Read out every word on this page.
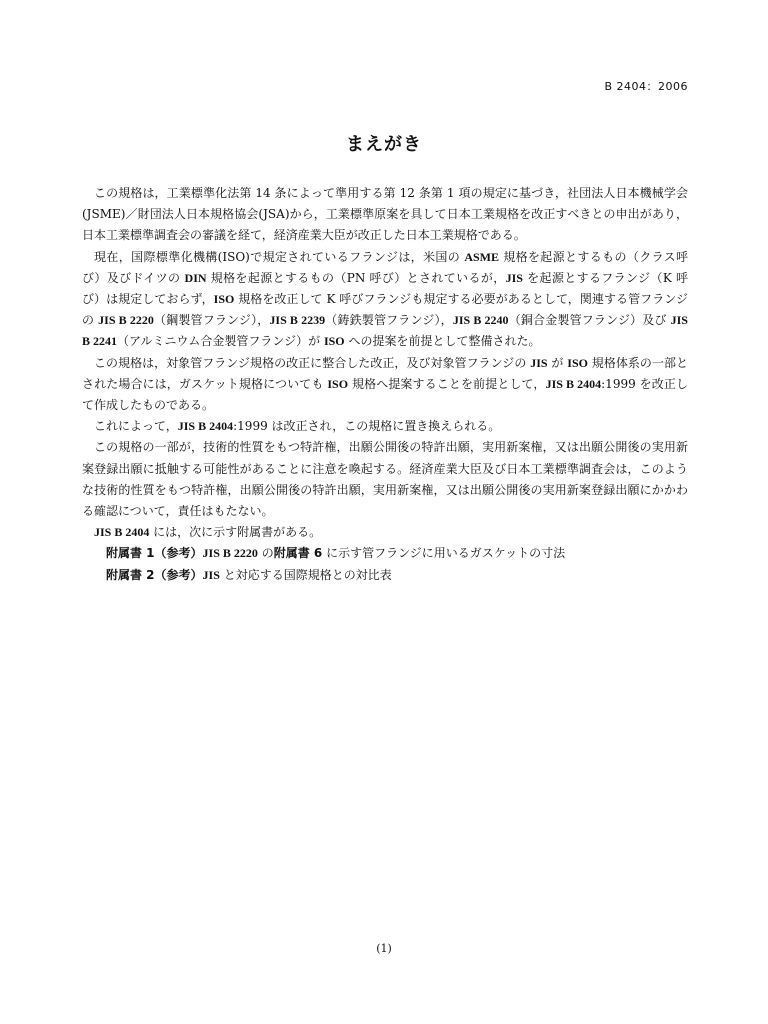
B 2404：2006
まえがき

この規格は，工業標準化法第 14 条によって準用する第 12 条第 1 項の規定に基づき，社団法人日本機械学会(JSME)／財団法人日本規格協会(JSA)から，工業標準原案を具して日本工業規格を改正すべきとの申出があり，日本工業標準調査会の審議を経て，経済産業大臣が改正した日本工業規格である。

現在，国際標準化機構(ISO)で規定されているフランジは，米国の ASME 規格を起源とするもの（クラス呼び）及びドイツの DIN 規格を起源とするもの（PN 呼び）とされているが，JIS を起源とするフランジ（K 呼び）は規定しておらず，ISO 規格を改正して K 呼びフランジも規定する必要があるとして，関連する管フランジの JIS B 2220（鋼製管フランジ），JIS B 2239（鋳鉄製管フランジ），JIS B 2240（銅合金製管フランジ）及び JIS B 2241（アルミニウム合金製管フランジ）が ISO への提案を前提として整備された。

この規格は，対象管フランジ規格の改正に整合した改正，及び対象管フランジの JIS が ISO 規格体系の一部とされた場合には，ガスケット規格についても ISO 規格へ提案することを前提として，JIS B 2404:1999 を改正して作成したものである。

これによって，JIS B 2404:1999 は改正され，この規格に置き換えられる。

この規格の一部が，技術的性質をもつ特許権，出願公開後の特許出願，実用新案権，又は出願公開後の実用新案登録出願に抵触する可能性があることに注意を喚起する。経済産業大臣及び日本工業標準調査会は，このような技術的性質をもつ特許権，出願公開後の特許出願，実用新案権，又は出願公開後の実用新案登録出願にかかわる確認について，責任はもたない。

JIS B 2404 には，次に示す附属書がある。

附属書 1（参考）JIS B 2220 の附属書 6 に示す管フランジに用いるガスケットの寸法
附属書 2（参考）JIS と対応する国際規格との対比表
(1)
